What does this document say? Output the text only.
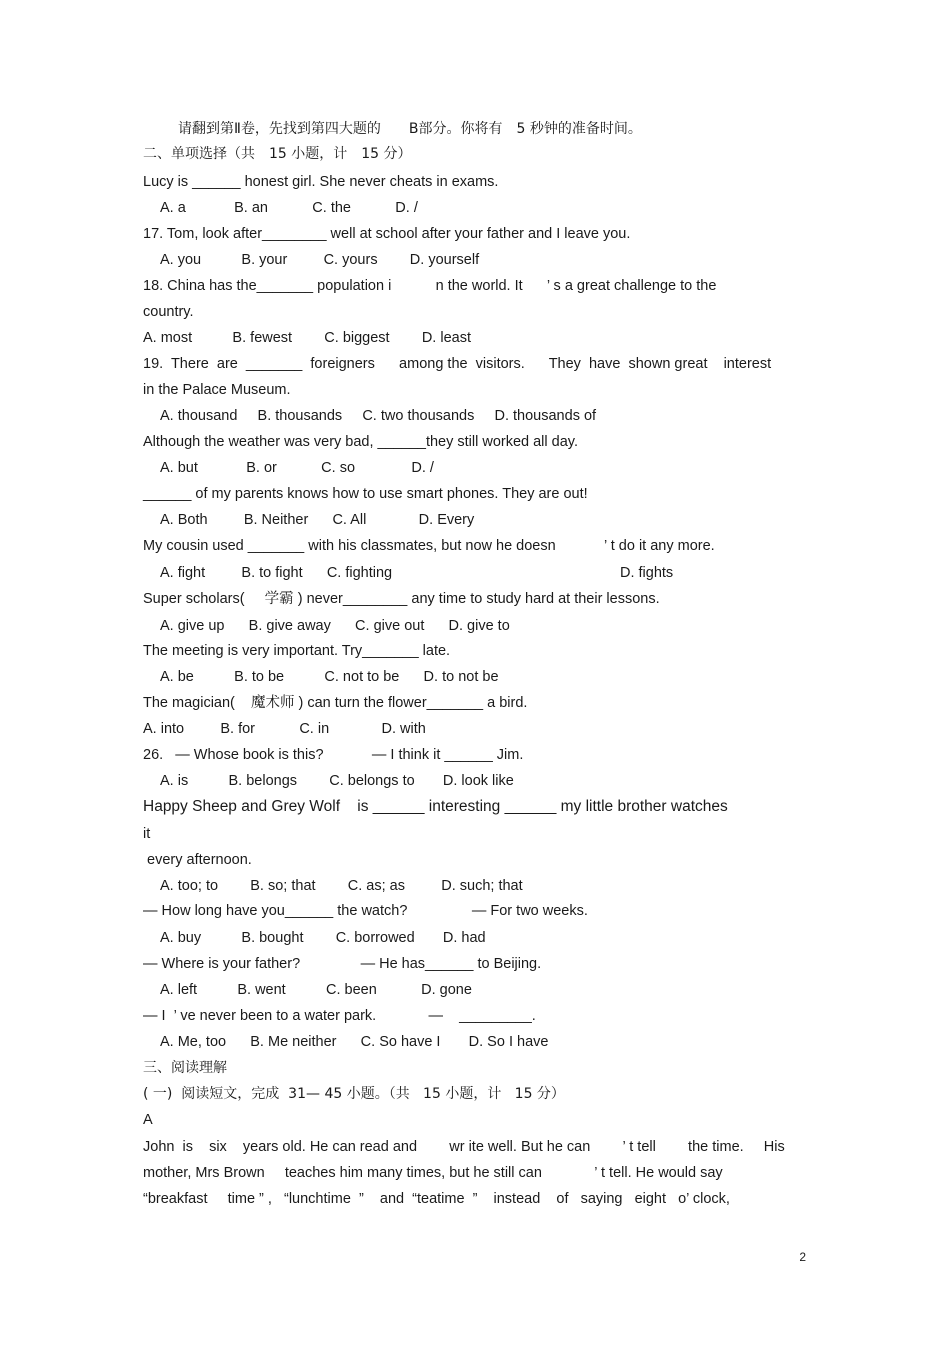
请翻到第Ⅱ卷，先找到第四大题的　　B部分。你将有　5 秒钟的准备时间。
二、单项选择（共　15 小题，计　15 分）
Lucy is ______ honest girl. She never cheats in exams.
A. a            B. an           C. the           D. /
17. Tom, look after________ well at school after your father and I leave you.
A. you          B. your         C. yours        D. yourself
18. China has the_______ population i           n the world. It      ’ s a great challenge to the
country.
A. most          B. fewest        C. biggest        D. least
19.  There  are  _______  foreigners      among the  visitors.      They  have  shown great    interest
in the Palace Museum.
A. thousand     B. thousands     C. two thousands     D. thousands of
Although the weather was very bad, ______they still worked all day.
A. but            B. or           C. so              D. /
______ of my parents knows how to use smart phones. They are out!
A. Both         B. Neither      C. All             D. Every
My cousin used _______ with his classmates, but now he doesn            ’ t do it any more.
A. fight         B. to fight      C. fighting	D. fights
Super scholars(     学霸 ) never________ any time to study hard at their lessons.
A. give up      B. give away      C. give out      D. give to
The meeting is very important. Try_______ late.
A. be          B. to be          C. not to be      D. to not be
The magician(    魔术师 ) can turn the flower_______ a bird.
A. into         B. for           C. in             D. with
26.   — Whose book is this?            — I think it ______ Jim.
A. is          B. belongs        C. belongs to       D. look like
Happy Sheep and Grey Wolf    is ______ interesting ______ my little brother watches
it
every afternoon.
A. too; to        B. so; that        C. as; as         D. such; that
— How long have you______ the watch?                — For two weeks.
A. buy          B. bought        C. borrowed       D. had
— Where is your father?               — He has______ to Beijing.
A. left          B. went          C. been           D. gone
— I  ’ ve never been to a water park.             —    _________.
A. Me, too      B. Me neither      C. So have I       D. So I have
三、阅读理解
( 一)  阅读短文，完成  31— 45 小题。（共   15 小题，计   15 分）
A
John  is    six    years old. He can read and        wr ite well. But he can        ’ t tell        the time.     His
mother, Mrs Brown     teaches him many times, but he still can             ’ t tell. He would say
“breakfast     time ” ,   “lunchtime  ”    and  “teatime  ”    instead    of   saying   eight   o’ clock,
2
